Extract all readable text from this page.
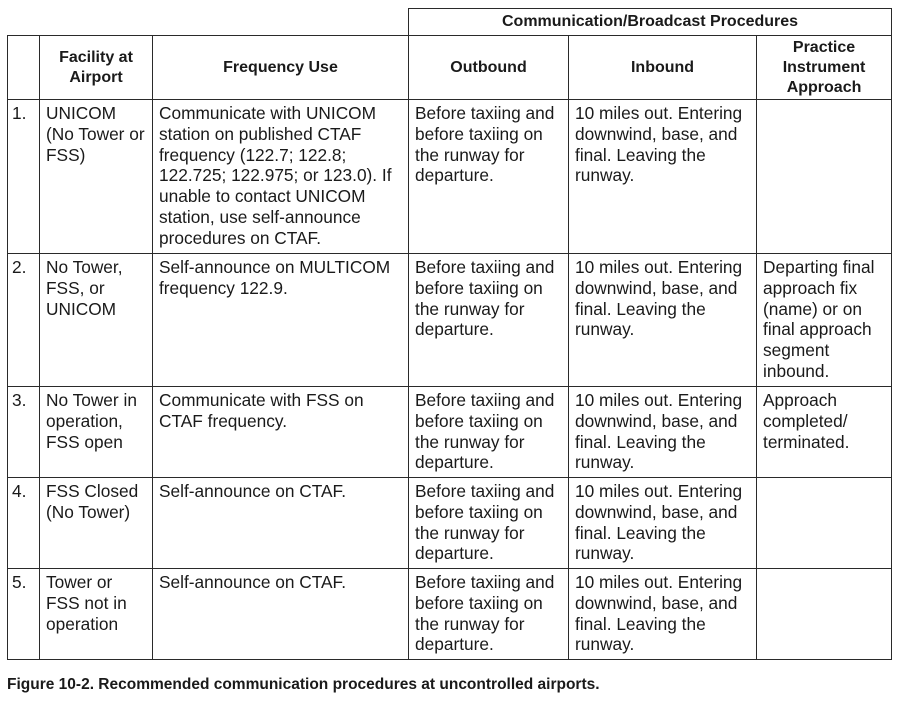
			Communication/Broadcast Procedures		
	Facility at Airport	Frequency Use	Outbound	Inbound	Practice Instrument Approach
1.	UNICOM (No Tower or FSS)	Communicate with UNICOM station on published CTAF frequency (122.7; 122.8; 122.725; 122.975; or 123.0). If unable to contact UNICOM station, use self-announce procedures on CTAF.	Before taxiing and before taxiing on the runway for departure.	10 miles out. Entering downwind, base, and final. Leaving the runway.	
2.	No Tower, FSS, or UNICOM	Self-announce on MULTICOM frequency 122.9.	Before taxiing and before taxiing on the runway for departure.	10 miles out. Entering downwind, base, and final. Leaving the runway.	Departing final approach fix (name) or on final approach segment inbound.
3.	No Tower in operation, FSS open	Communicate with FSS on CTAF frequency.	Before taxiing and before taxiing on the runway for departure.	10 miles out. Entering downwind, base, and final. Leaving the runway.	Approach completed/ terminated.
4.	FSS Closed (No Tower)	Self-announce on CTAF.	Before taxiing and before taxiing on the runway for departure.	10 miles out. Entering downwind, base, and final. Leaving the runway.	
5.	Tower or FSS not in operation	Self-announce on CTAF.	Before taxiing and before taxiing on the runway for departure.	10 miles out. Entering downwind, base, and final. Leaving the runway.	
Figure 10-2. Recommended communication procedures at uncontrolled airports.
